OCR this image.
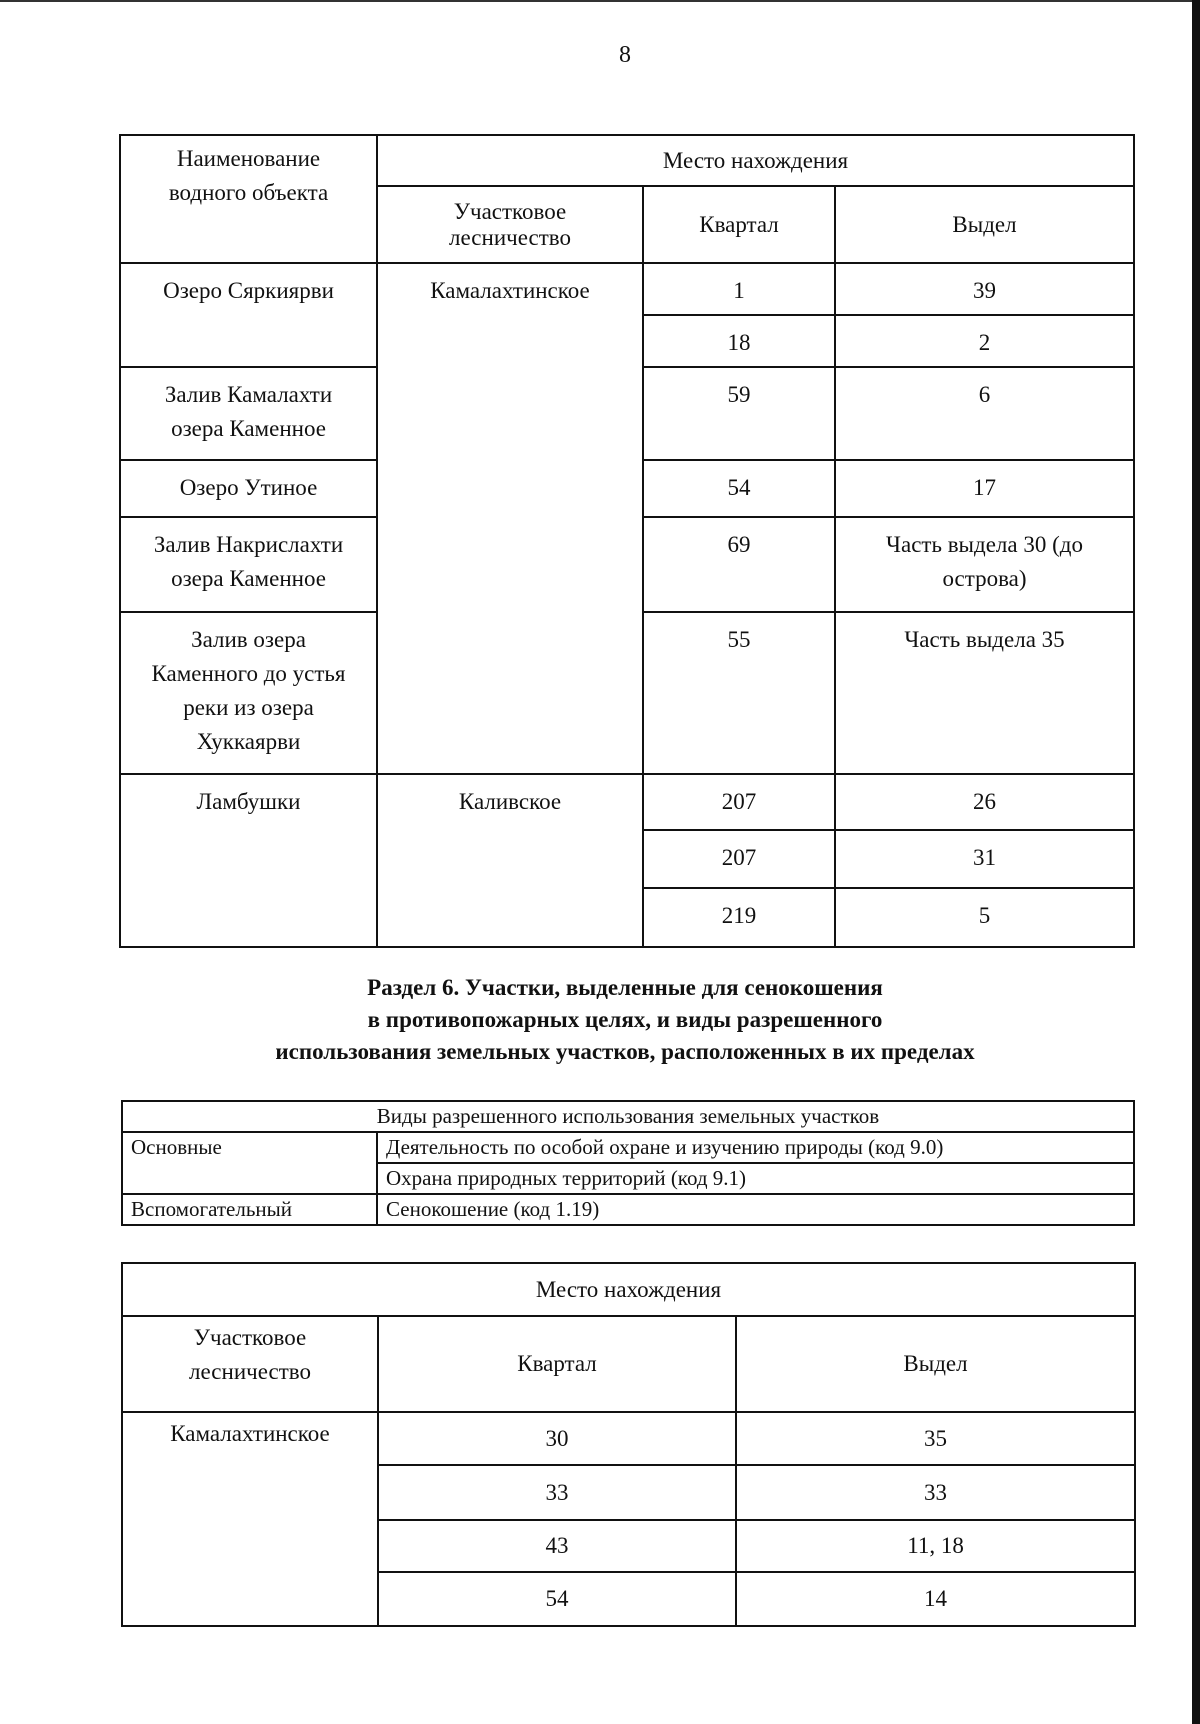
8
Наименование водного объекта	Место нахождения		
	Участковое лесничество	Квартал	Выдел
Озеро Сяркиярви	Камалахтинское	1	39
		18	2
Залив Камалахти озера Каменное		59	6
Озеро Утиное		54	17
Залив Накрислахти озера Каменное		69	Часть выдела 30 (до острова)
Залив озера Каменного до устья реки из озера Хуккаярви		55	Часть выдела 35
Ламбушки	Каливское	207	26
		207	31
		219	5
Раздел 6. Участки, выделенные для сенокошения
в противопожарных целях, и виды разрешенного
использования земельных участков, расположенных в их пределах
Виды разрешенного использования земельных участков	
Основные	Деятельность по особой охране и изучению природы (код 9.0)
	Охрана природных территорий (код 9.1)
Вспомогательный	Сенокошение (код 1.19)
Место нахождения		
Участковое лесничество	Квартал	Выдел
Камалахтинское	30	35
	33	33
	43	11, 18
	54	14
